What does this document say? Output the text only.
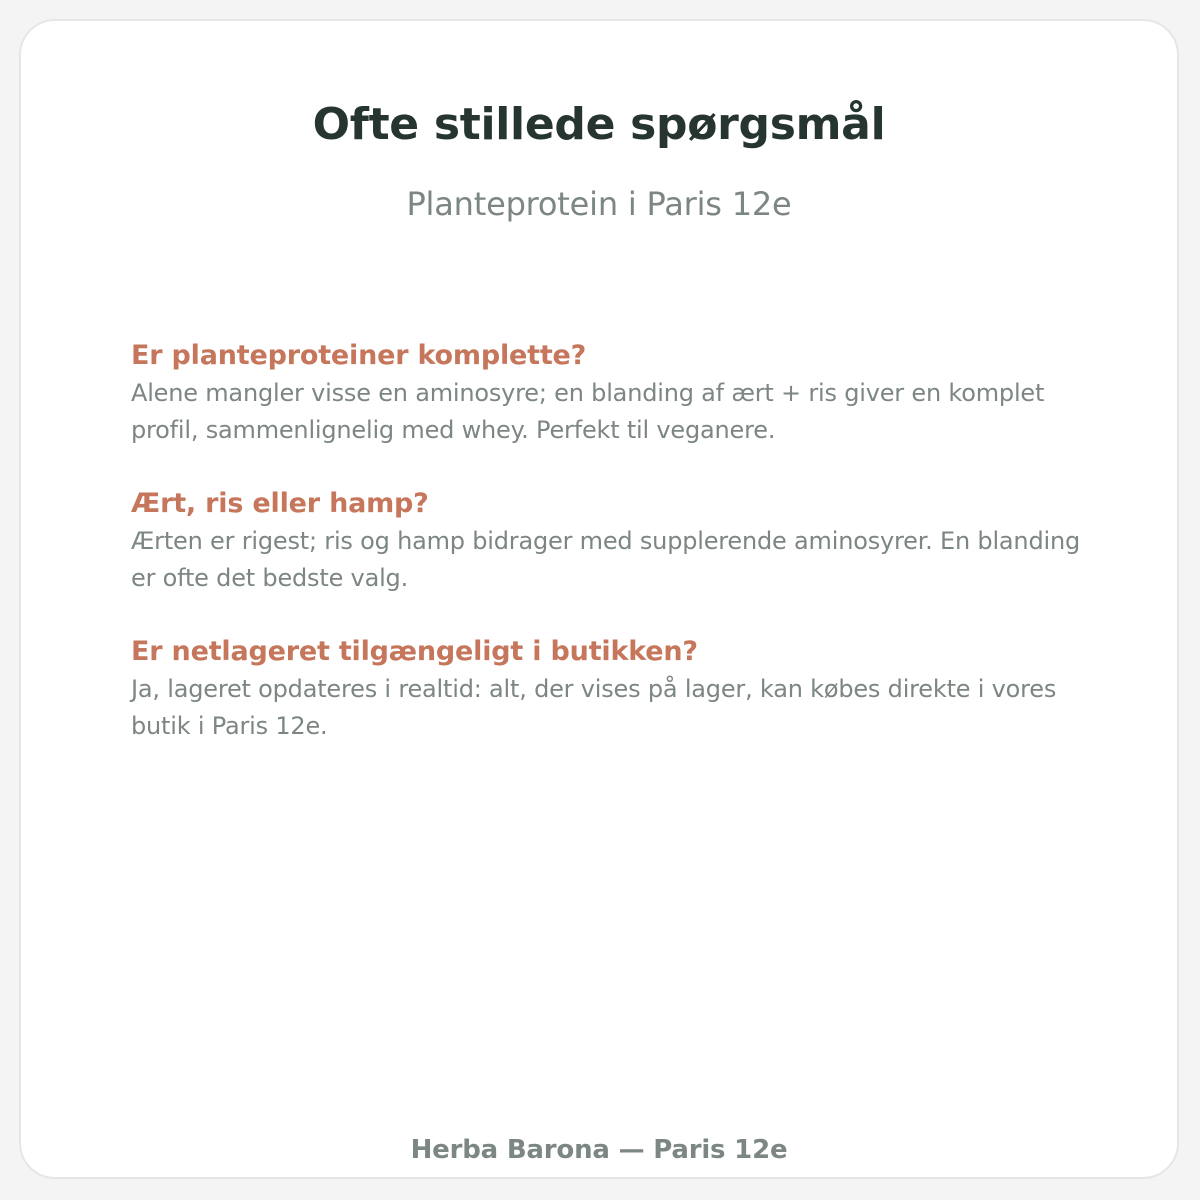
Ofte stillede spørgsmål
Planteprotein i Paris 12e
Er planteproteiner komplette?

Alene mangler visse en aminosyre; en blanding af ært + ris giver en komplet profil, sammenlignelig med whey. Perfekt til veganere.

Ært, ris eller hamp?

Ærten er rigest; ris og hamp bidrager med supplerende aminosyrer. En blanding er ofte det bedste valg.

Er netlageret tilgængeligt i butikken?

Ja, lageret opdateres i realtid: alt, der vises på lager, kan købes direkte i vores butik i Paris 12e.

Herba Barona — Paris 12e
